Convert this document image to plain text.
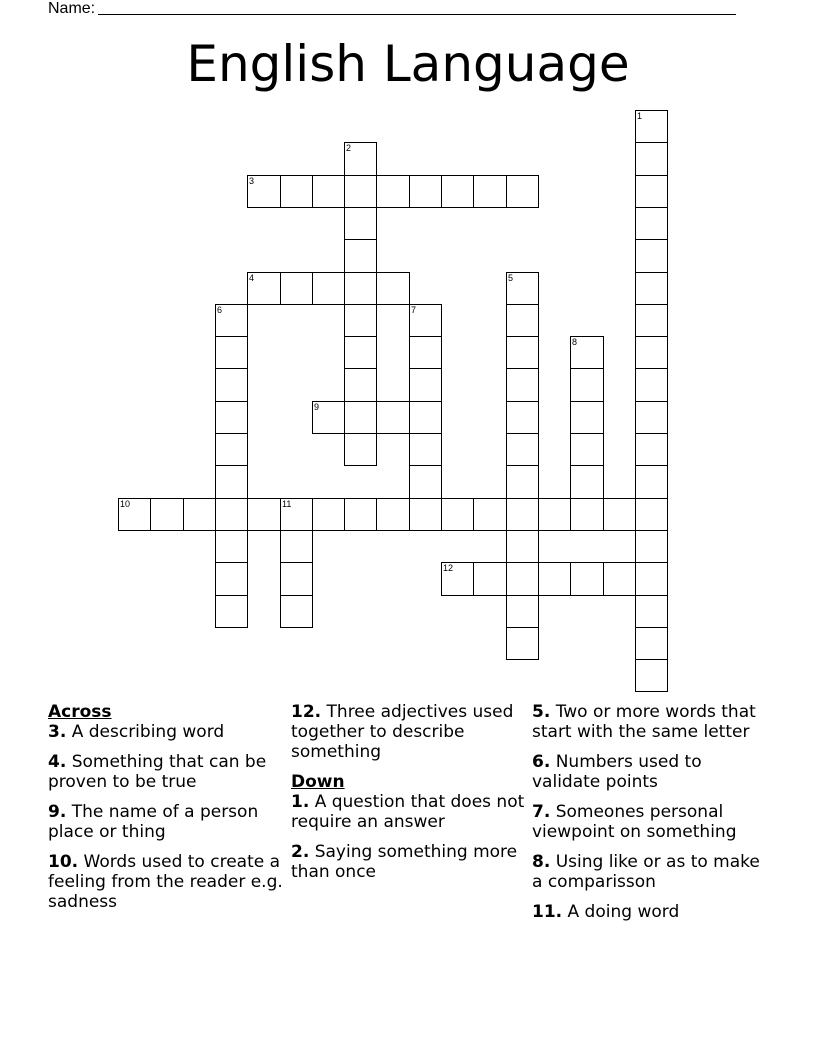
Name:
English Language
1
2
3
4	5
6	7
8
9
10	11
12
Across
3. A describing word
4. Something that can be proven to be true
9. The name of a person place or thing
10. Words used to create a feeling from the reader e.g. sadness
12. Three adjectives used together to describe something
Down
1. A question that does not require an answer
2. Saying something more than once
5. Two or more words that start with the same letter
6. Numbers used to validate points
7. Someones personal viewpoint on something
8. Using like or as to make a comparisson
11. A doing word
